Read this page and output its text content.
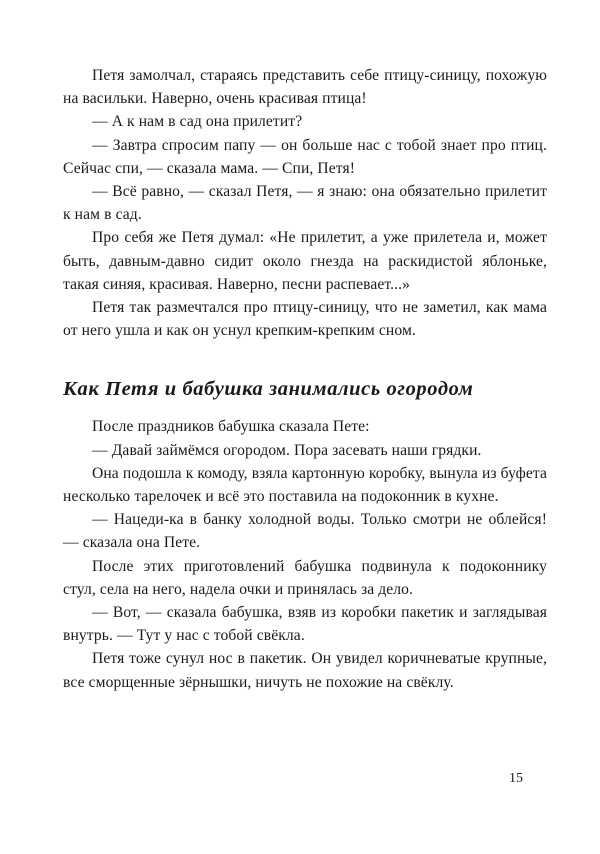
Петя замолчал, стараясь представить себе птицу-синицу, похожую на васильки. Наверно, очень красивая птица!

— А к нам в сад она прилетит?

— Завтра спросим папу — он больше нас с тобой знает про птиц. Сейчас спи, — сказала мама. — Спи, Петя!

— Всё равно, — сказал Петя, — я знаю: она обязательно прилетит к нам в сад.

Про себя же Петя думал: «Не прилетит, а уже прилетела и, может быть, давным-давно сидит около гнезда на раскидистой яблоньке, такая синяя, красивая. Наверно, песни распевает...»

Петя так размечтался про птицу-синицу, что не заметил, как мама от него ушла и как он уснул крепким-крепким сном.

Как Петя и бабушка занимались огородом

После праздников бабушка сказала Пете:

— Давай займёмся огородом. Пора засевать наши грядки.

Она подошла к комоду, взяла картонную коробку, вынула из буфета несколько тарелочек и всё это поставила на подоконник в кухне.

— Нацеди-ка в банку холодной воды. Только смотри не облейся! — сказала она Пете.

После этих приготовлений бабушка подвинула к подоконнику стул, села на него, надела очки и принялась за дело.

— Вот, — сказала бабушка, взяв из коробки пакетик и заглядывая внутрь. — Тут у нас с тобой свёкла.

Петя тоже сунул нос в пакетик. Он увидел коричневатые крупные, все сморщенные зёрнышки, ничуть не похожие на свёклу.

15
